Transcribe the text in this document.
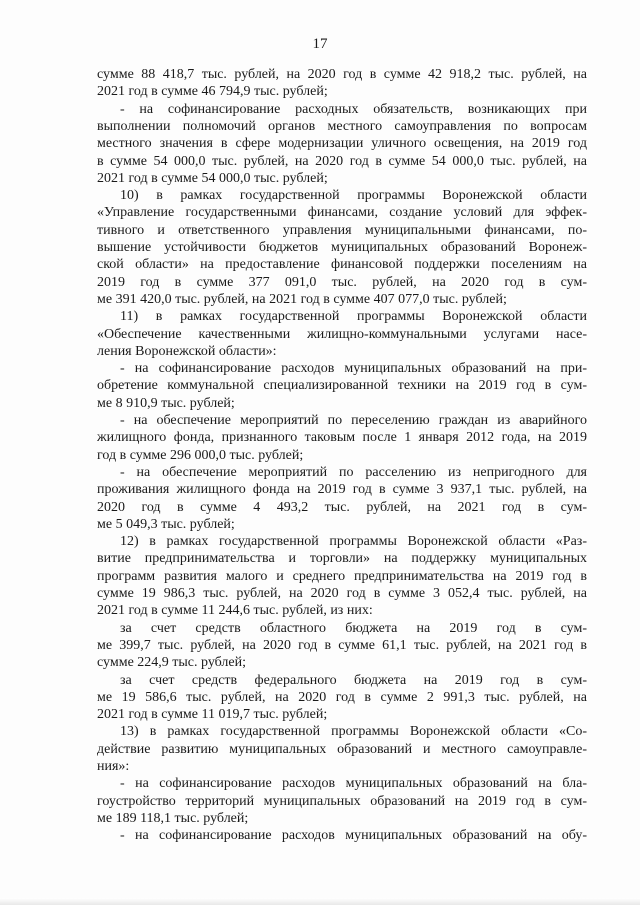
17
сумме 88 418,7 тыс. рублей, на 2020 год в сумме 42 918,2 тыс. рублей, на
2021 год в сумме 46 794,9 тыс. рублей;
- на софинансирование расходных обязательств, возникающих при
выполнении полномочий органов местного самоуправления по вопросам
местного значения в сфере модернизации уличного освещения, на 2019 год
в сумме 54 000,0 тыс. рублей, на 2020 год в сумме 54 000,0 тыс. рублей, на
2021 год в сумме 54 000,0 тыс. рублей;
10) в рамках государственной программы Воронежской области
«Управление государственными финансами, создание условий для эффек-
тивного и ответственного управления муниципальными финансами, по-
вышение устойчивости бюджетов муниципальных образований Воронеж-
ской области» на предоставление финансовой поддержки поселениям на
2019 год в сумме 377 091,0 тыс. рублей, на 2020 год в сум-
ме 391 420,0 тыс. рублей, на 2021 год в сумме 407 077,0 тыс. рублей;
11) в рамках государственной программы Воронежской области
«Обеспечение качественными жилищно-коммунальными услугами насе-
ления Воронежской области»:
- на софинансирование расходов муниципальных образований на при-
обретение коммунальной специализированной техники на 2019 год в сум-
ме 8 910,9 тыс. рублей;
- на обеспечение мероприятий по переселению граждан из аварийного
жилищного фонда, признанного таковым после 1 января 2012 года, на 2019
год в сумме 296 000,0 тыс. рублей;
- на обеспечение мероприятий по расселению из непригодного для
проживания жилищного фонда на 2019 год в сумме 3 937,1 тыс. рублей, на
2020 год в сумме 4 493,2 тыс. рублей, на 2021 год в сум-
ме 5 049,3 тыс. рублей;
12) в рамках государственной программы Воронежской области «Раз-
витие предпринимательства и торговли» на поддержку муниципальных
программ развития малого и среднего предпринимательства на 2019 год в
сумме 19 986,3 тыс. рублей, на 2020 год в сумме 3 052,4 тыс. рублей, на
2021 год в сумме 11 244,6 тыс. рублей, из них:
за счет средств областного бюджета на 2019 год в сум-
ме 399,7 тыс. рублей, на 2020 год в сумме 61,1 тыс. рублей, на 2021 год в
сумме 224,9 тыс. рублей;
за счет средств федерального бюджета на 2019 год в сум-
ме 19 586,6 тыс. рублей, на 2020 год в сумме 2 991,3 тыс. рублей, на
2021 год в сумме 11 019,7 тыс. рублей;
13) в рамках государственной программы Воронежской области «Со-
действие развитию муниципальных образований и местного самоуправле-
ния»:
- на софинансирование расходов муниципальных образований на бла-
гоустройство территорий муниципальных образований на 2019 год в сум-
ме 189 118,1 тыс. рублей;
- на софинансирование расходов муниципальных образований на обу-
